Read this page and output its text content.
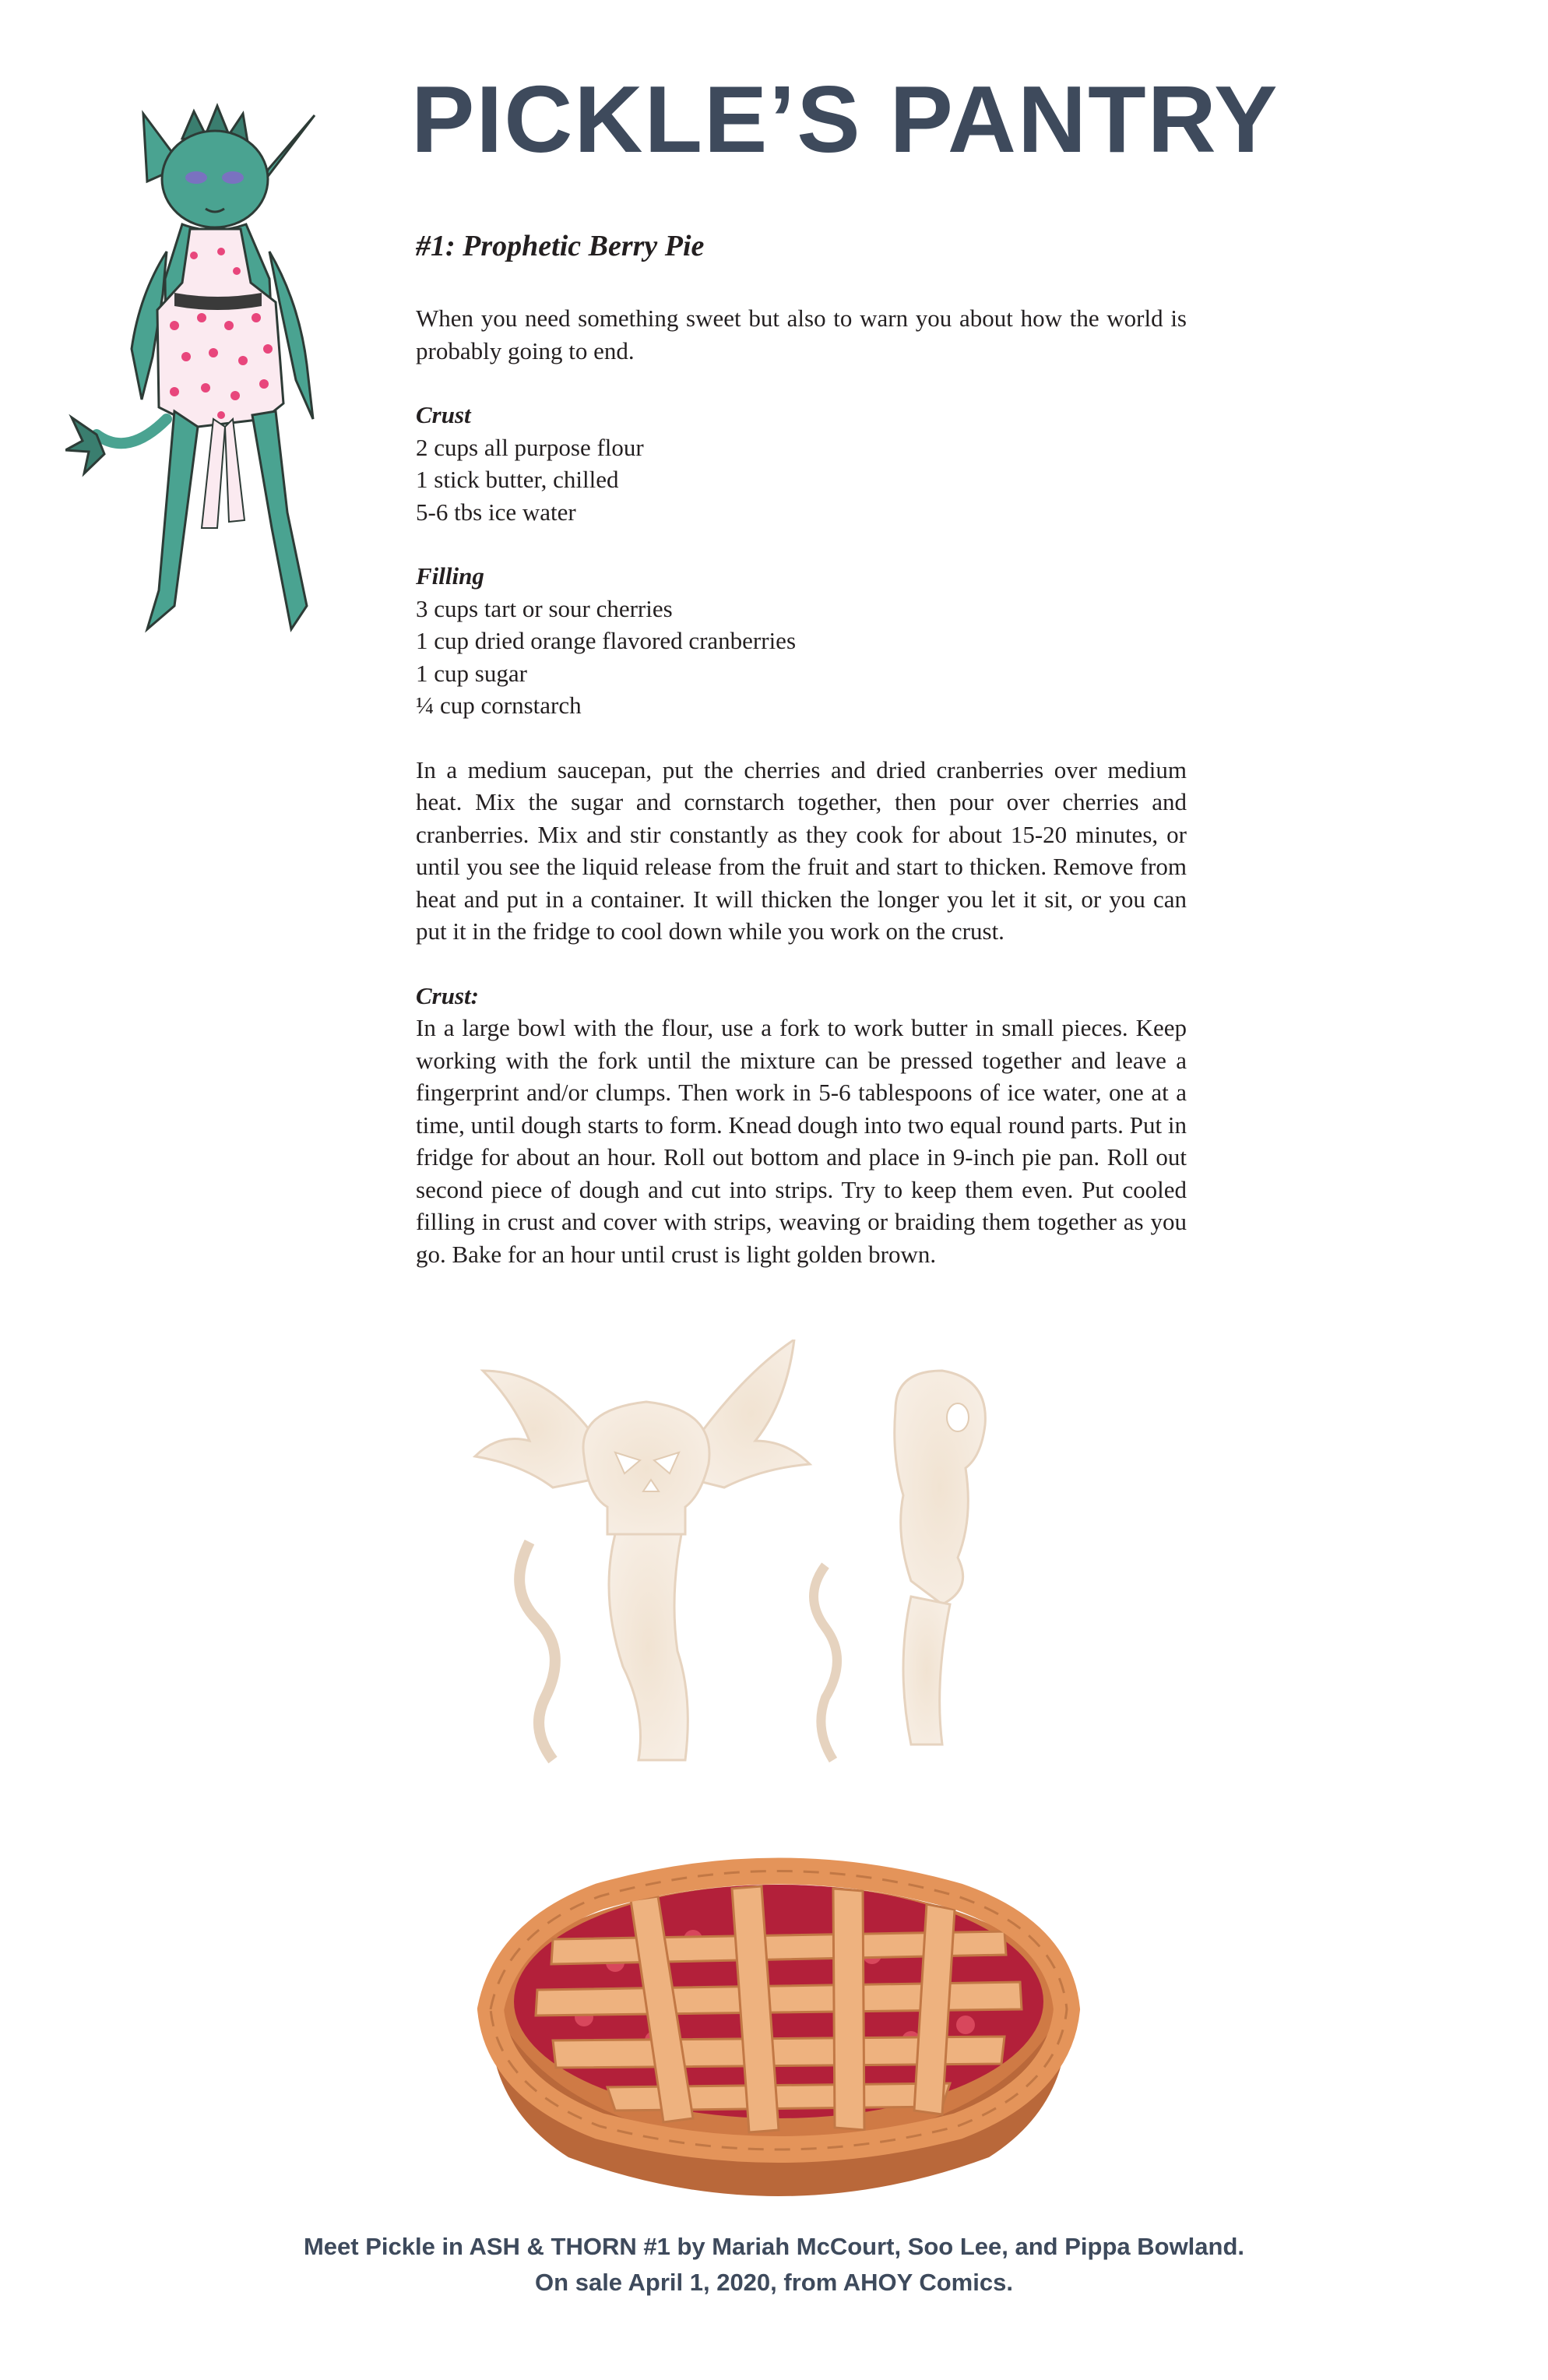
PICKLE’S PANTRY
#1: Prophetic Berry Pie

When you need something sweet but also to warn you about how the world is probably going to end.

Crust
2 cups all purpose flour
1 stick butter, chilled
5-6 tbs ice water
Filling
3 cups tart or sour cherries
1 cup dried orange flavored cranberries
1 cup sugar
¼ cup cornstarch

In a medium saucepan, put the cherries and dried cranberries over medium heat. Mix the sugar and cornstarch together, then pour over cherries and cranberries. Mix and stir constantly as they cook for about 15-20 minutes, or until you see the liquid release from the fruit and start to thicken. Remove from heat and put in a container. It will thicken the longer you let it sit, or you can put it in the fridge to cool down while you work on the crust.

Crust:

In a large bowl with the flour, use a fork to work butter in small pieces. Keep working with the fork until the mixture can be pressed together and leave a fingerprint and/or clumps. Then work in 5-6 tablespoons of ice water, one at a time, until dough starts to form. Knead dough into two equal round parts. Put in fridge for about an hour. Roll out bottom and place in 9-inch pie pan. Roll out second piece of dough and cut into strips. Try to keep them even. Put cooled filling in crust and cover with strips, weaving or braiding them together as you go. Bake for an hour until crust is light golden brown.

Meet Pickle in ASH & THORN #1 by Mariah McCourt, Soo Lee, and Pippa Bowland.
On sale April 1, 2020, from AHOY Comics.
